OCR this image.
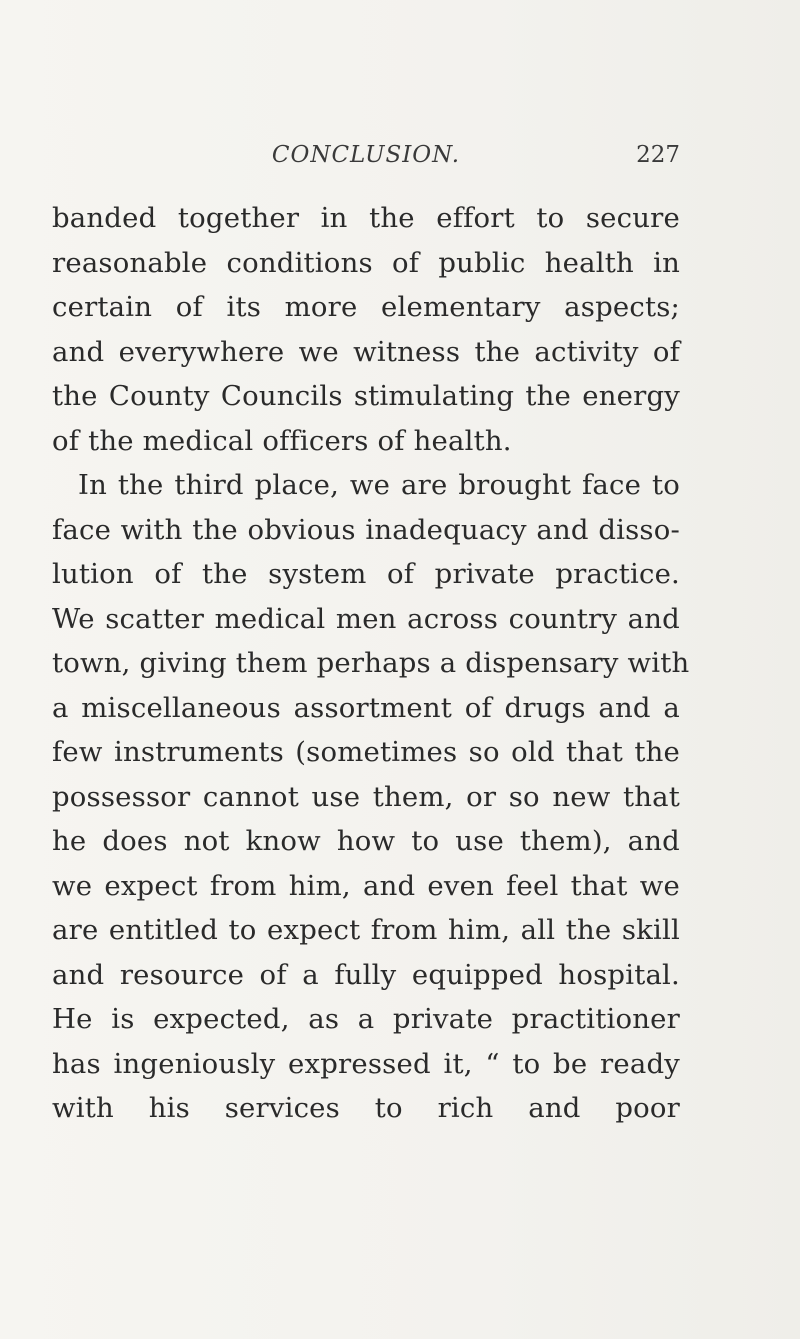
CONCLUSION.	227
banded together in the effort to secure
reasonable conditions of public health in
certain of its more elementary aspects;
and everywhere we witness the activity of
the County Councils stimulating the energy
of the medical officers of health.
In the third place, we are brought face to
face with the obvious inadequacy and disso-
lution of the system of private practice.
We scatter medical men across country and
town, giving them perhaps a dispensary with
a miscellaneous assortment of drugs and a
few instruments (sometimes so old that the
possessor cannot use them, or so new that
he does not know how to use them), and
we expect from him, and even feel that we
are entitled to expect from him, all the skill
and resource of a fully equipped hospital.
He is expected, as a private practitioner
has ingeniously expressed it, “ to be ready
with his services to rich and poor
